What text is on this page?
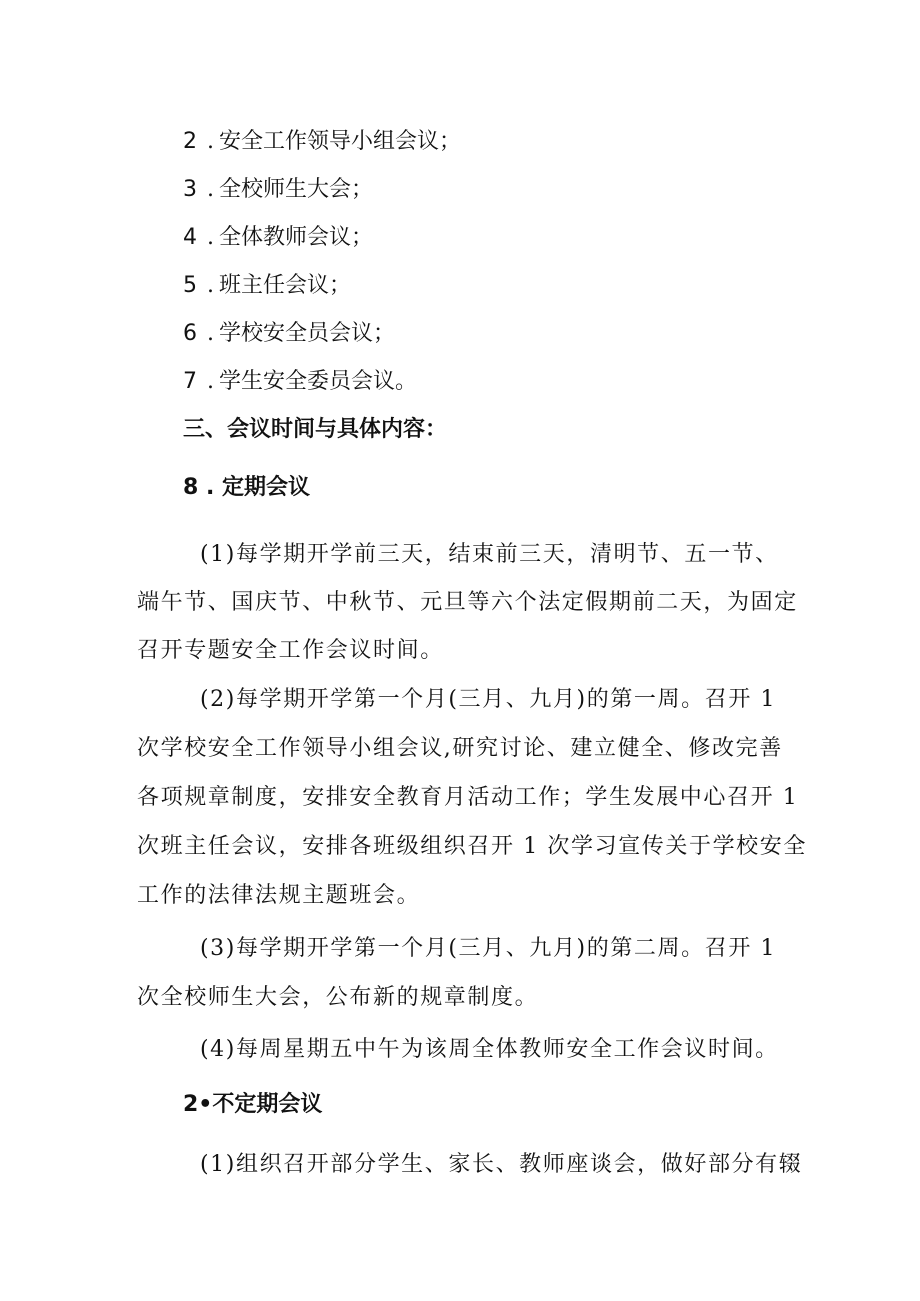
2 . 安全工作领导小组会议；
3 . 全校师生大会；
4 . 全体教师会议；
5 . 班主任会议；
6 . 学校安全员会议；
7 . 学生安全委员会议。
三、会议时间与具体内容：
8 . 定期会议
(1)每学期开学前三天，结束前三天，清明节、五一节、
端午节、国庆节、中秋节、元旦等六个法定假期前二天，为固定
召开专题安全工作会议时间。
(2)每学期开学第一个月(三月、九月)的第一周。召开 1
次学校安全工作领导小组会议,研究讨论、建立健全、修改完善
各项规章制度，安排安全教育月活动工作；学生发展中心召开 1
次班主任会议，安排各班级组织召开 1 次学习宣传关于学校安全
工作的法律法规主题班会。
(3)每学期开学第一个月(三月、九月)的第二周。召开 1
次全校师生大会，公布新的规章制度。
(4)每周星期五中午为该周全体教师安全工作会议时间。
2•不定期会议
(1)组织召开部分学生、家长、教师座谈会，做好部分有辍
